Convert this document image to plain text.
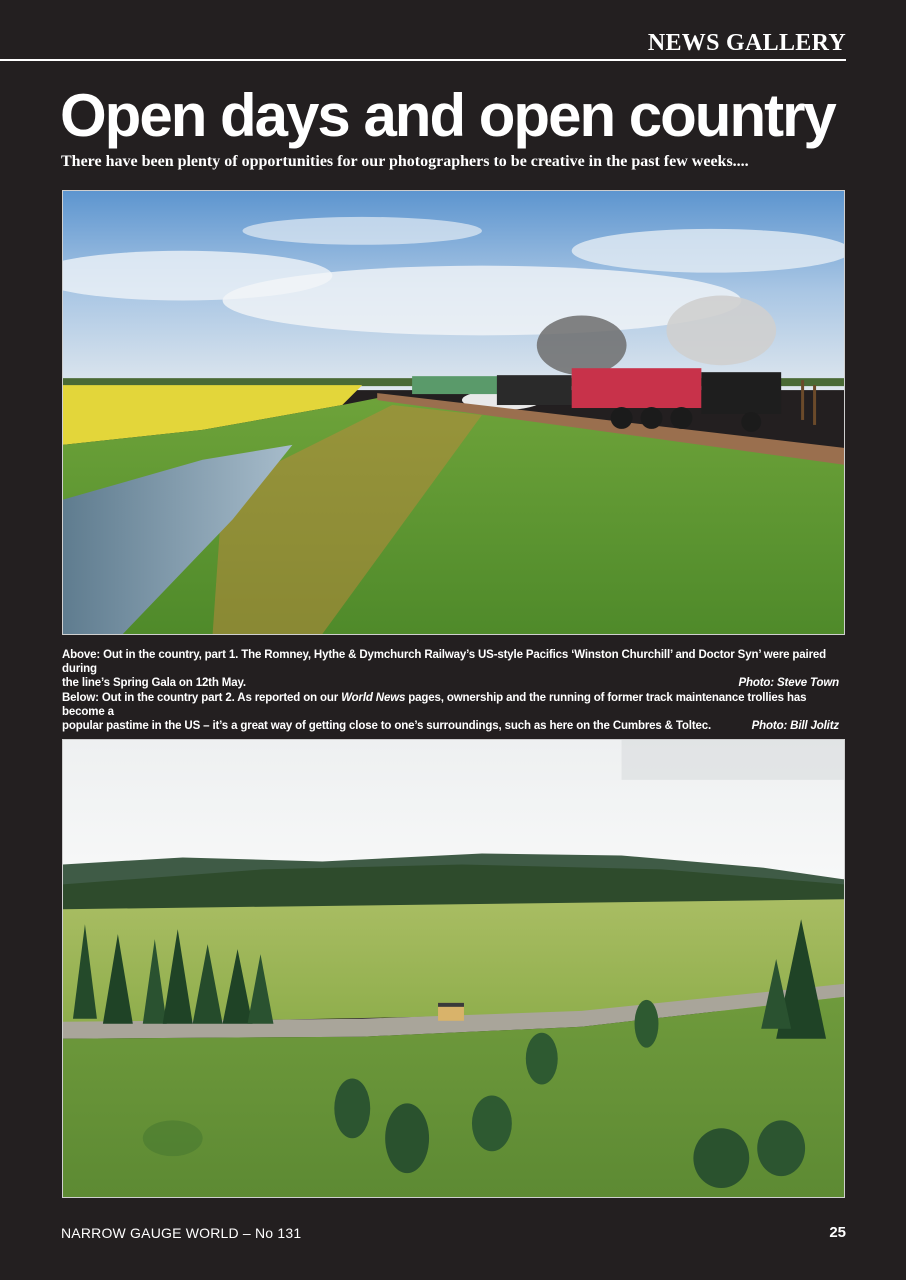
NEWS GALLERY
Open days and open country
There have been plenty of opportunities for our photographers to be creative in the past few weeks....
Above: Out in the country, part 1. The Romney, Hythe & Dymchurch Railway’s US-style Pacifics ‘Winston Churchill’ and Doctor Syn’ were paired during
the line’s Spring Gala on 12th May.	Photo: Steve Town
Below: Out in the country part 2. As reported on our World News pages, ownership and the running of former track maintenance trollies has become a
popular pastime in the US – it’s a great way of getting close to one’s surroundings, such as here on the Cumbres & Toltec.	Photo: Bill Jolitz
NARROW GAUGE WORLD – No 131	25
